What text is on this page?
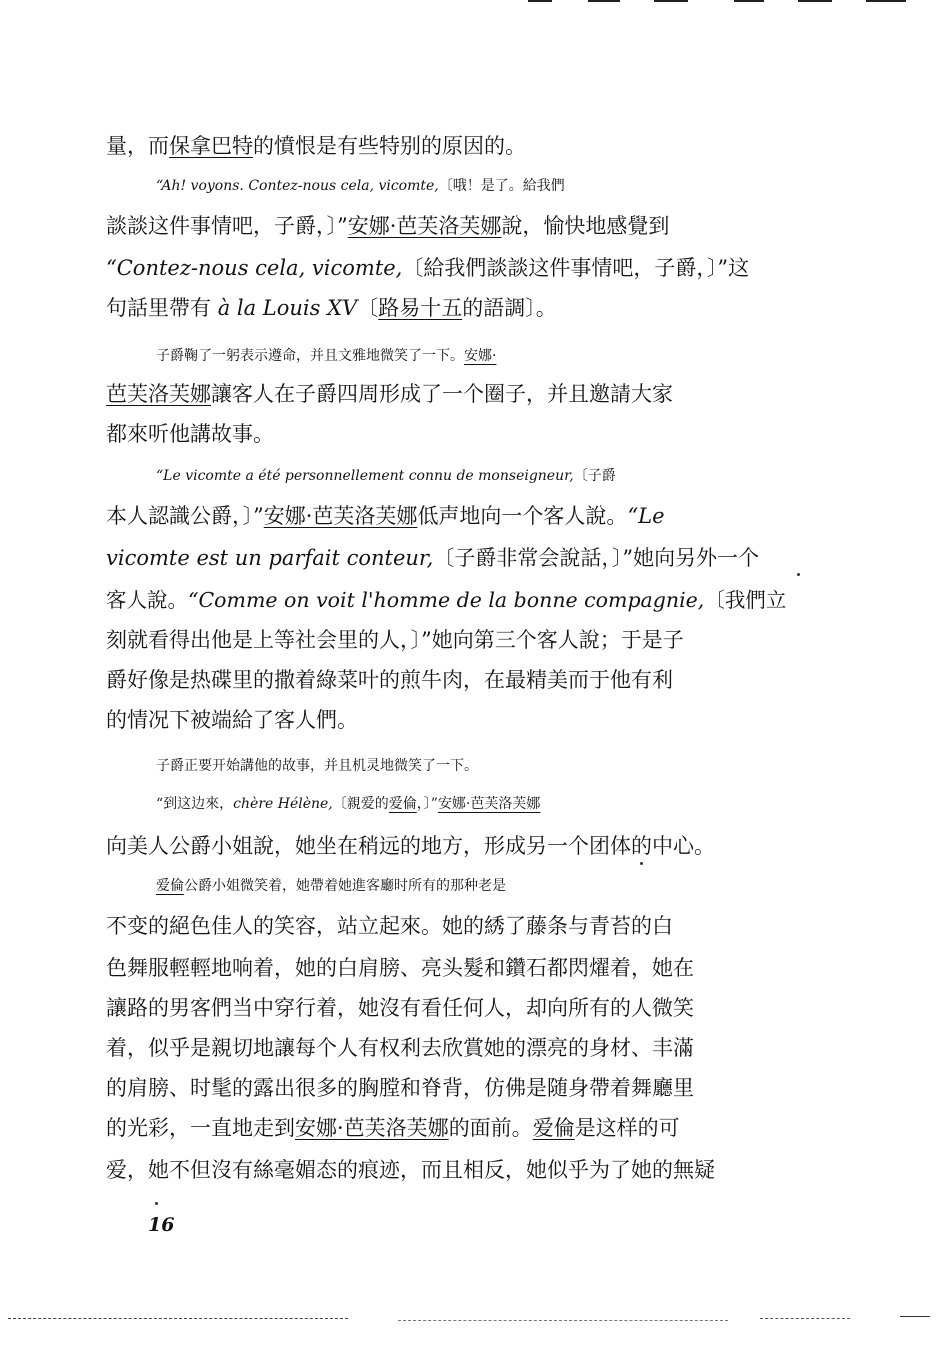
量，而保拿巴特的憤恨是有些特别的原因的。
“Ah! voyons. Contez-nous cela, vicomte,〔哦！是了。給我們
談談这件事情吧，子爵，〕”安娜·芭芙洛芙娜說，愉快地感覺到
“Contez-nous cela, vicomte,〔給我們談談这件事情吧，子爵，〕”这
句話里帶有 à la Louis XV〔路易十五的語調〕。
子爵鞠了一躬表示遵命，并且文雅地微笑了一下。安娜·
芭芙洛芙娜讓客人在子爵四周形成了一个圈子，并且邀請大家
都來听他講故事。
“Le vicomte a été personnellement connu de monseigneur,〔子爵
本人認識公爵，〕”安娜·芭芙洛芙娜低声地向一个客人說。“Le
vicomte est un parfait conteur,〔子爵非常会說話，〕”她向另外一个
客人說。“Comme on voit l'homme de la bonne compagnie,〔我們立
刻就看得出他是上等社会里的人，〕”她向第三个客人說；于是子
爵好像是热碟里的撒着綠菜叶的煎牛肉，在最精美而于他有利
的情况下被端給了客人們。
子爵正要开始講他的故事，并且机灵地微笑了一下。
“到这边來，chère Hélène,〔親爱的爱倫，〕”安娜·芭芙洛芙娜
向美人公爵小姐說，她坐在稍远的地方，形成另一个团体的中心。
爱倫公爵小姐微笑着，她帶着她進客廳时所有的那种老是
不变的絕色佳人的笑容，站立起來。她的綉了藤条与青苔的白
色舞服輕輕地响着，她的白肩膀、亮头髮和鑽石都閃燿着，她在
讓路的男客們当中穿行着，她沒有看任何人，却向所有的人微笑
着，似乎是親切地讓每个人有权利去欣賞她的漂亮的身材、丰滿
的肩膀、时髦的露出很多的胸膛和脊背，仿佛是随身帶着舞廳里
的光彩，一直地走到安娜·芭芙洛芙娜的面前。爱倫是这样的可
爱，她不但沒有絲毫媚态的痕迹，而且相反，她似乎为了她的無疑
16
